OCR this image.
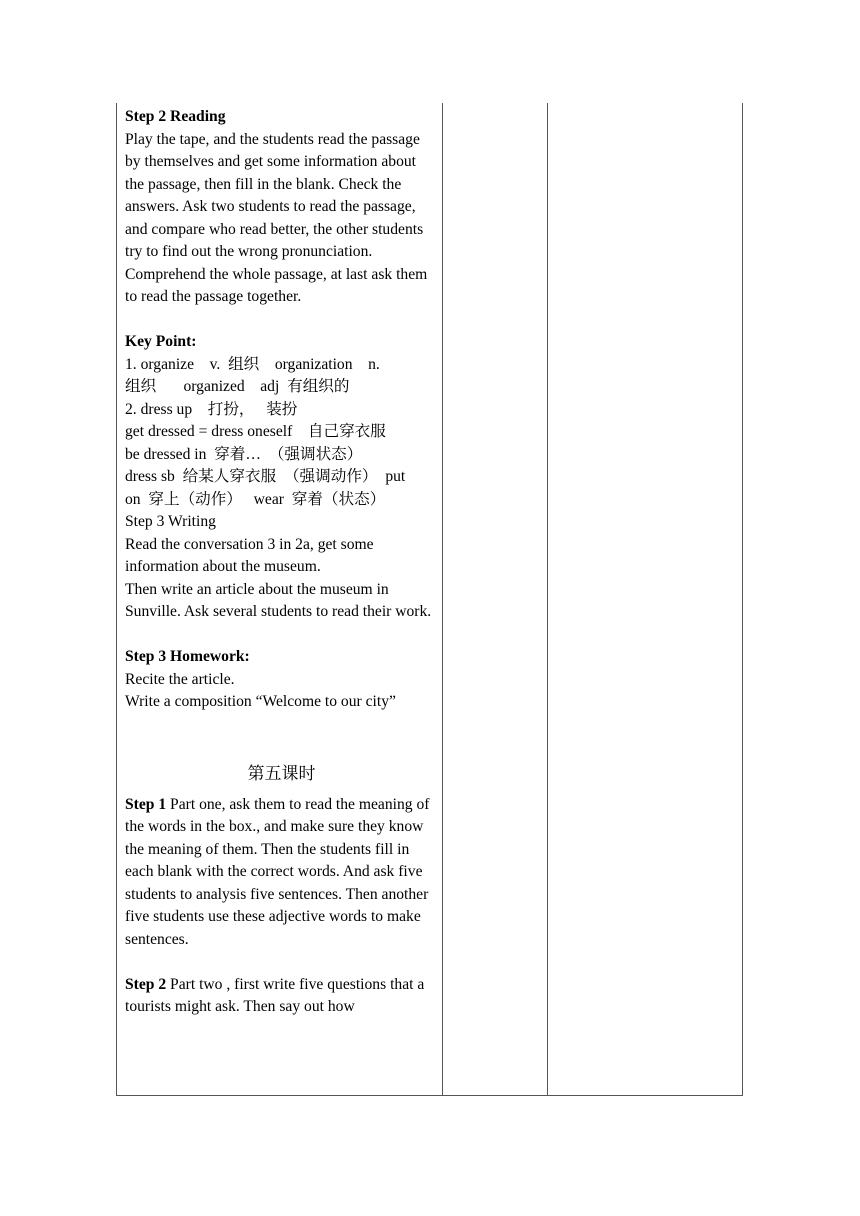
Step 2 Reading

Play the tape, and the students read the passage by themselves and get some information about the passage, then fill in the blank. Check the answers. Ask two students to read the passage, and compare who read better, the other students try to find out the wrong pronunciation. Comprehend the whole passage, at last ask them to read the passage together.

Key Point:

1. organize    v.  组织    organization    n.

组织       organized    adj  有组织的

2. dress up    打扮，   装扮

get dressed = dress oneself    自己穿衣服

be dressed in  穿着…  （强调状态）

dress sb  给某人穿衣服  （强调动作）  put

on  穿上（动作）   wear  穿着（状态）

Step 3 Writing

Read the conversation 3 in 2a, get some information about the museum.

Then write an article about the museum in Sunville. Ask several students to read their work.

Step 3 Homework:

Recite the article.

Write a composition “Welcome to our city”

第五课时

Step 1 Part one, ask them to read the meaning of the words in the box., and make sure they know the meaning of them. Then the students fill in each blank with the correct words. And ask five students to analysis five sentences. Then another five students use these adjective words to make sentences.

Step 2 Part two , first write five questions that a tourists might ask. Then say out how
